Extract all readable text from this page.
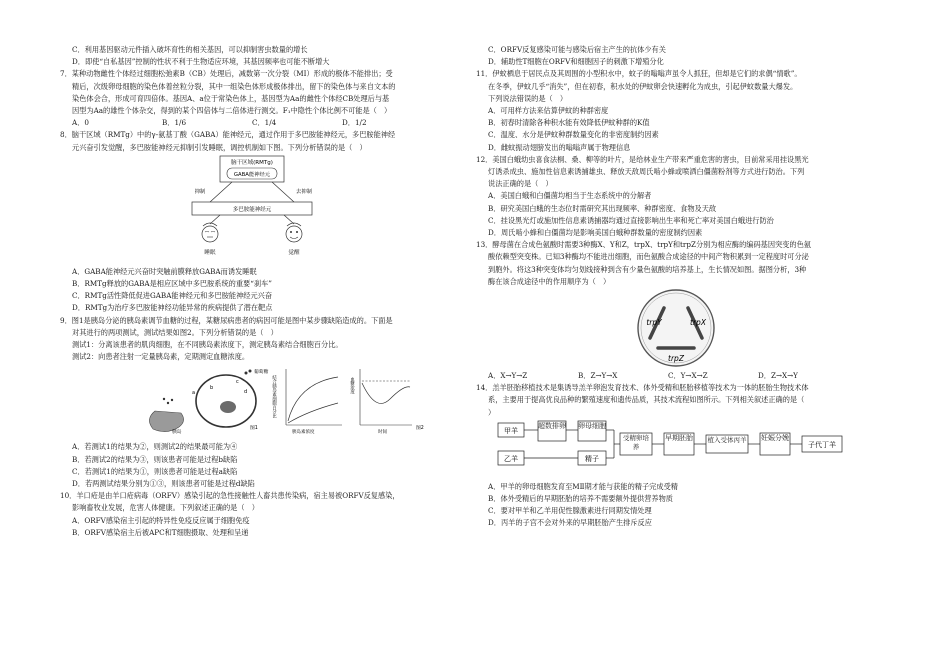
C．利用基因驱动元件插入破坏育性的相关基因，可以抑制害虫数量的增长
D．即使“自私基因”控制的性状不利于生物适应环境，其基因频率也可能不断增大
7．某种动物雌性个体经过细胞松弛素B（CB）处理后，减数第一次分裂（MⅠ）形成的极体不能排出；受
精后，次级卵母细胞的染色体着丝粒分裂，其中一组染色体形成极体排出，留下的染色体与来自文本的
染色体会合，形成可育四倍体。基因A、a位于常染色体上，基因型为Aa的雌性个体经CB处理后与基
因型为Aa的雄性个体杂交，得到的某个四倍体与二倍体进行测交。F₁中隐性个体比例不可能是（　）
A．0	B．1/6	C．1/4	D．1/2
8．脑干区域（RMTg）中的γ-氨基丁酸（GABA）能神经元，通过作用于多巴胺能神经元，多巴胺能神经
元兴奋引发觉醒，多巴胺能神经元抑制引发睡眠，调控机制如下图。下列分析错误的是（　）
脑干区域(RMTg)
GABA能神经元
抑制	去抑制
多巴胺能神经元
睡眠	觉醒
A．GABA能神经元兴奋时突触前膜释放GABA而诱发睡眠
B．RMTg释放的GABA是相应区域中多巴胺系统的重要“刹车”
C．RMTg活性降低促进GABA能神经元和多巴胺能神经元兴奋
D．RMTg为治疗多巴胺能神经功能异常的疾病提供了潜在靶点
9．图1是胰岛分泌的胰岛素调节血糖的过程，某糖尿病患者的病因可能是图中某步骤缺陷造成的。下面是
对其进行的两项测试，测试结果如图2。下列分析错误的是（　）
测试1：分离该患者的肌肉细胞，在不同胰岛素浓度下，测定胰岛素结合细胞百分比。
测试2：向患者注射一定量胰岛素，定期测定血糖浓度。
胰岛
葡萄糖
a
b
c
d
图1
结合胰岛素细胞百分比
胰岛素浓度
血糖浓度
时间
图2
A．若测试1的结果为②，则测试2的结果最可能为④
B．若测试2的结果为③，则该患者可能是过程b缺陷
C．若测试1的结果为①，则该患者可能是过程a缺陷
D．若两测试结果分别为①③，则该患者可能是过程d缺陷
10．羊口疮是由羊口疮病毒（ORFV）感染引起的急性接触性人畜共患传染病，宿主易被ORFV反复感染，
影响畜牧业发展，危害人体健康。下列叙述正确的是（　）
A．ORFV感染宿主引起的特异性免疫反应属于细胞免疫
B．ORFV感染宿主后被APC和T细胞摄取、处理和呈递
C．ORFV反复感染可能与感染后宿主产生的抗体少有关
D．辅助性T细胞在ORFV和细胞因子的刺激下增殖分化
11．伊蚊栖息于居民点及其周围的小型积水中，蚊子的嗡嗡声虽令人抓狂，但却是它们的求偶“情歌”。
在冬季，伊蚊几乎“消失”，但在初春，积水处的伊蚊卵会快速孵化为成虫，引起伊蚊数量大爆发。
下列说法错误的是（　）
A．可用样方法来估算伊蚊的种群密度
B．初春时清除各种积水能有效降低伊蚊种群的K值
C．温度、水分是伊蚊种群数量变化的非密度制约因素
D．雌蚊振动翅膀发出的嗡嗡声属于物理信息
12．美国白蛾幼虫喜食法桐、桑、柳等的叶片，是给林业生产带来严重危害的害虫，目前常采用挂设黑光
灯诱杀成虫、施加性信息素诱捕雄虫、释放天敌周氏啮小蜂或喷洒白僵菌粉剂等方式进行防治。下列
说法正确的是（　）
A．美国白蛾和白僵菌均相当于生态系统中的分解者
B．研究美国白蛾的生态位时需研究其出现频率、种群密度、食物及天敌
C．挂设黑光灯或施加性信息素诱捕器均通过直接影响出生率和死亡率对美国白蛾进行防治
D．周氏啮小蜂和白僵菌均是影响美国白蛾种群数量的密度制约因素
13．酵母菌在合成色氨酸时需要3种酶X、Y和Z，trpX、trpY和trpZ分别为相应酶的编码基因突变的色氨
酸依赖型突变株。已知3种酶均不能进出细胞，而色氨酸合成途径的中间产物积累到一定程度时可分泌
到胞外。将这3种突变体均匀划线接种到含有少量色氨酸的培养基上，生长情况如图。据图分析，3种
酶在该合成途径中的作用顺序为（　）
trpY	trpX
trpZ
A．X→Y→Z	B．Z→Y→X	C．Y→X→Z	D．Z→X→Y
14．羔羊胚胎移植技术是集诱导羔羊卵泡发育技术、体外受精和胚胎移植等技术为一体的胚胎生物技术体
系，主要用于提高优良品种的繁殖速度和遗传品质，其技术流程如图所示。下列相关叙述正确的是（
）
甲羊
超数排卵 卵母细胞
乙羊	精子
受精卵培养
早期胚胎 植入受体丙羊 妊娠分娩
子代丁羊
A．甲羊的卵母细胞发育至MⅡ期才能与获能的精子完成受精
B．体外受精后的早期胚胎的培养不需要额外提供营养物质
C．要对甲羊和乙羊用促性腺激素进行同期发情处理
D．丙羊的子宫不会对外来的早期胚胎产生排斥反应
